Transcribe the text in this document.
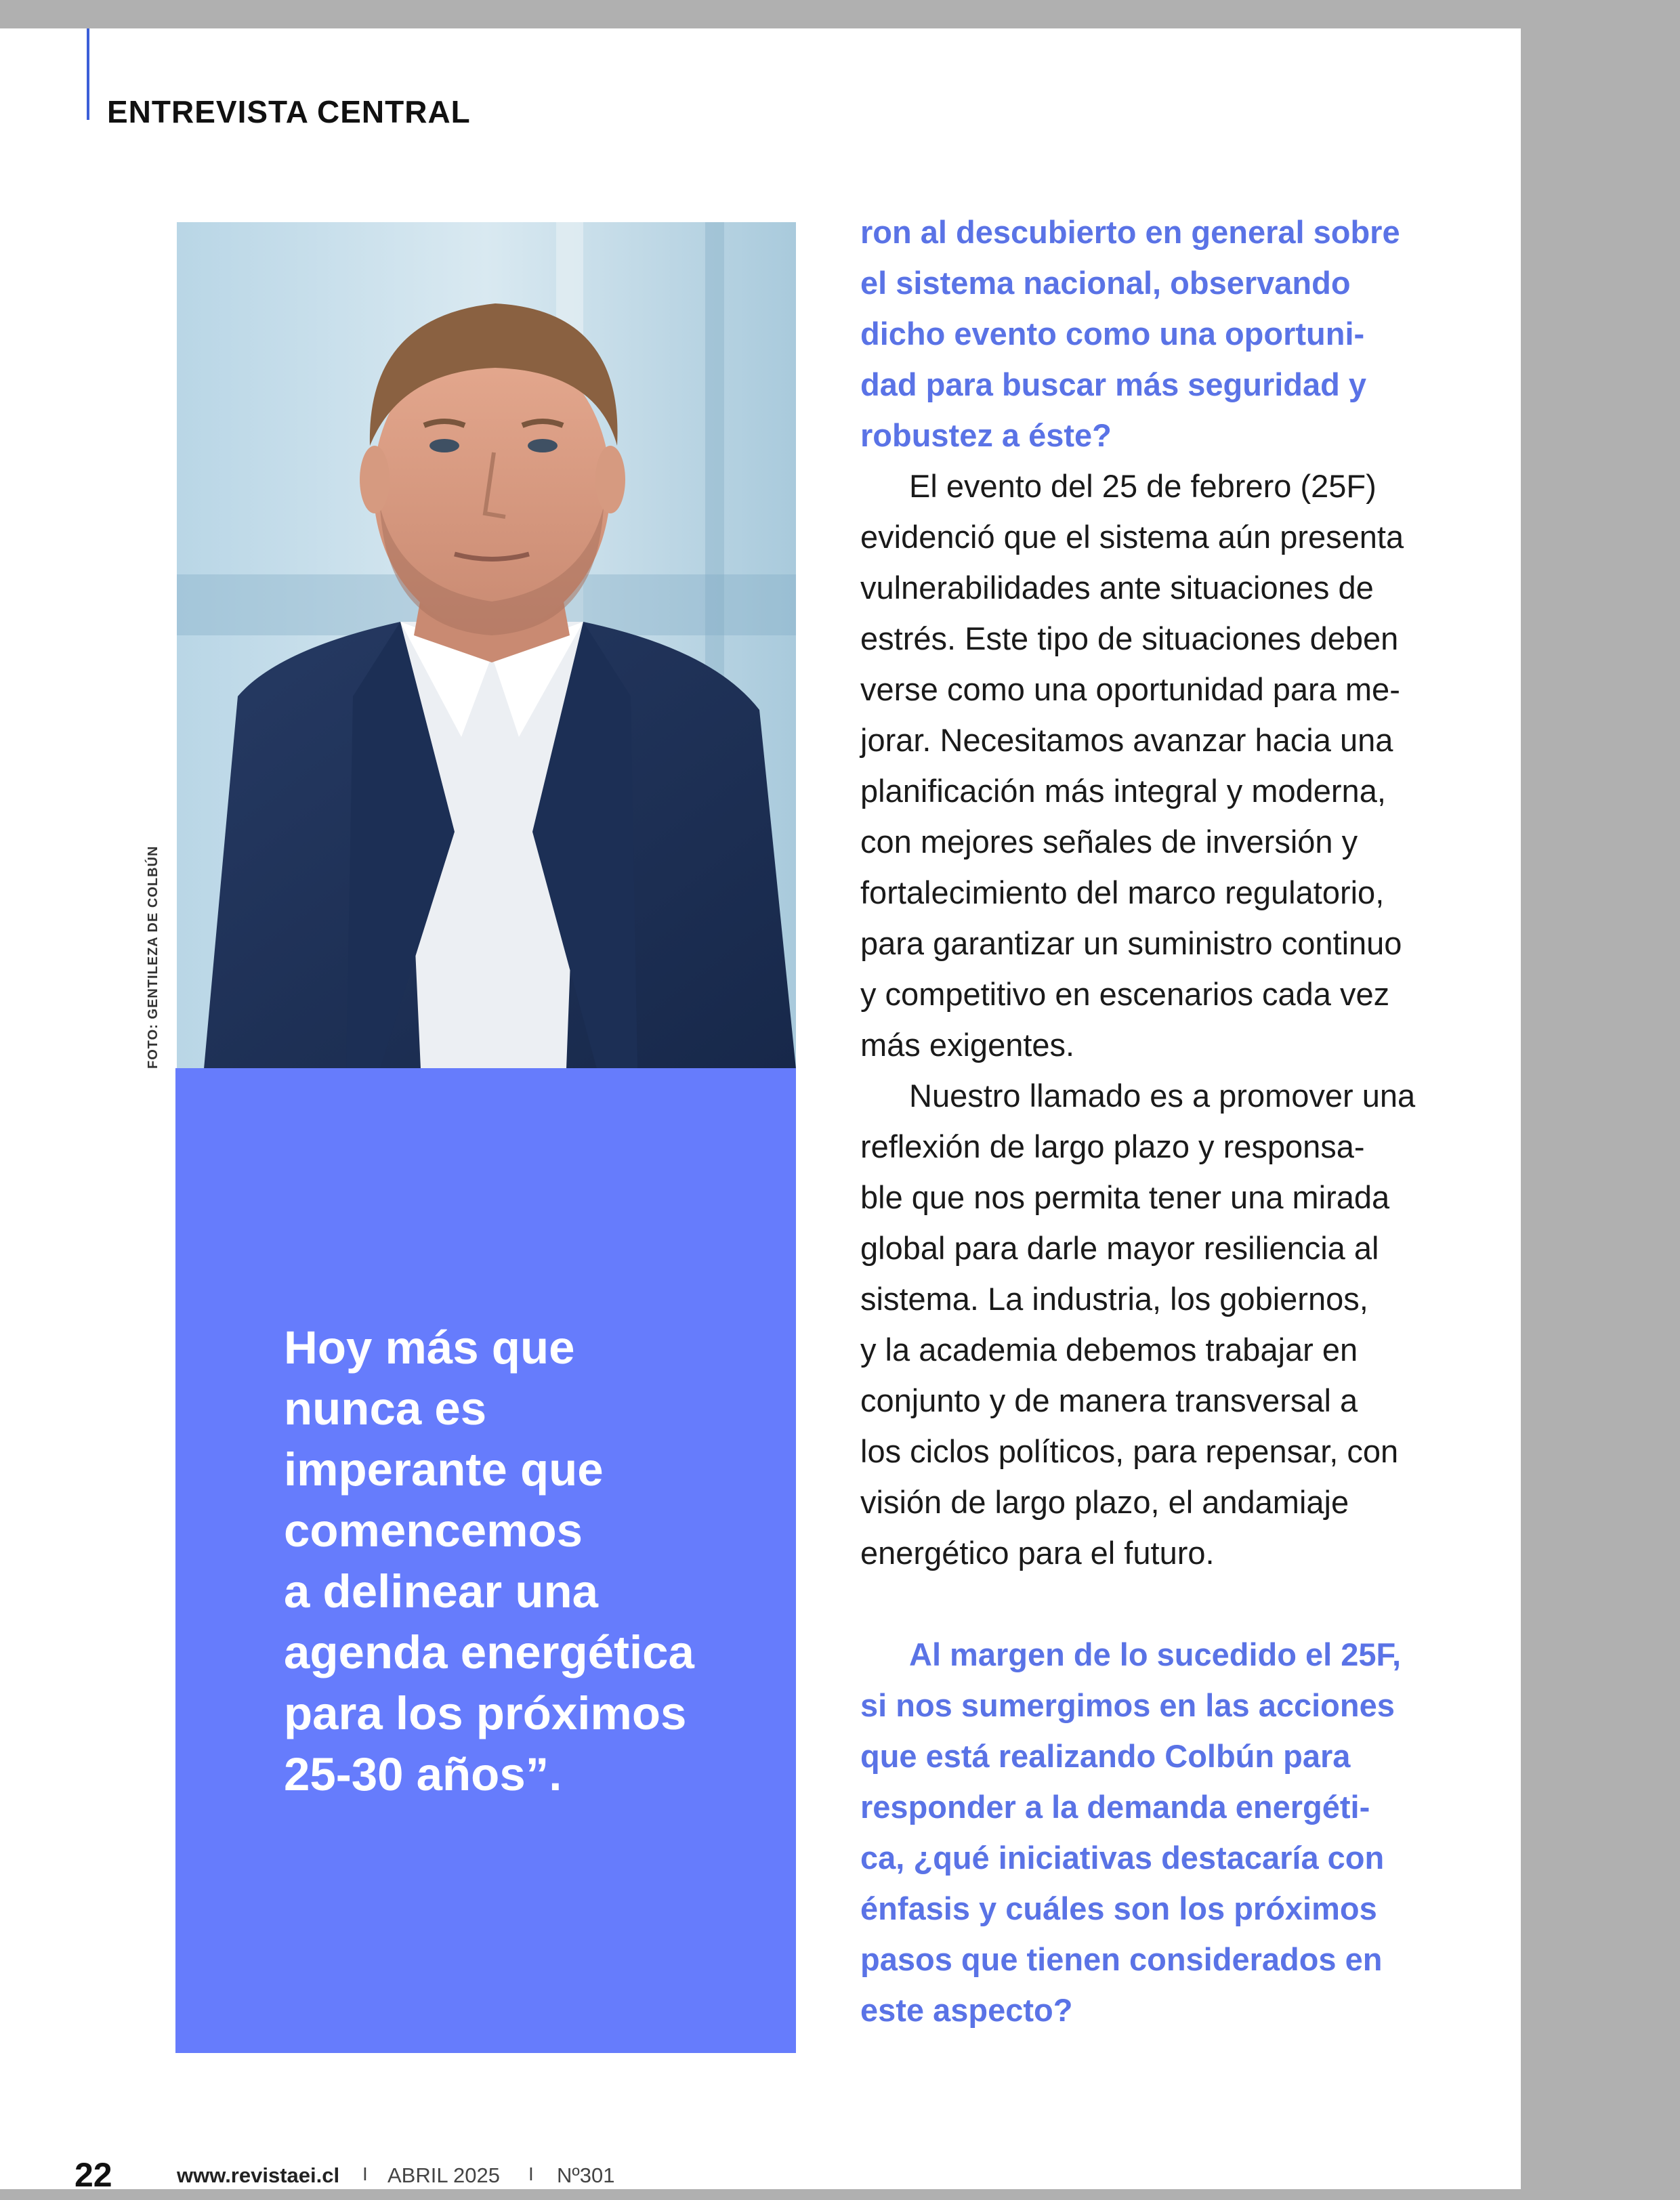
ENTREVISTA CENTRAL
FOTO: GENTILEZA DE COLBÚN
Hoy más que
nunca es
imperante que
comencemos
a delinear una
agenda energética
para los próximos
25-30 años”.

ron al descubierto en general sobre
el sistema nacional, observando
dicho evento como una oportuni-
dad para buscar más seguridad y
robustez a éste?

El evento del 25 de febrero (25F)
evidenció que el sistema aún presenta
vulnerabilidades ante situaciones de
estrés. Este tipo de situaciones deben
verse como una oportunidad para me-
jorar. Necesitamos avanzar hacia una
planificación más integral y moderna,
con mejores señales de inversión y
fortalecimiento del marco regulatorio,
para garantizar un suministro continuo
y competitivo en escenarios cada vez
más exigentes.

Nuestro llamado es a promover una
reflexión de largo plazo y responsa-
ble que nos permita tener una mirada
global para darle mayor resiliencia al
sistema. La industria, los gobiernos,
y la academia debemos trabajar en
conjunto y de manera transversal a
los ciclos políticos, para repensar, con
visión de largo plazo, el andamiaje
energético para el futuro.

Al margen de lo sucedido el 25F,
si nos sumergimos en las acciones
que está realizando Colbún para
responder a la demanda energéti-
ca, ¿qué iniciativas destacaría con
énfasis y cuáles son los próximos
pasos que tienen considerados en
este aspecto?

22	www.revistaei.cl I ABRIL 2025 I Nº301
